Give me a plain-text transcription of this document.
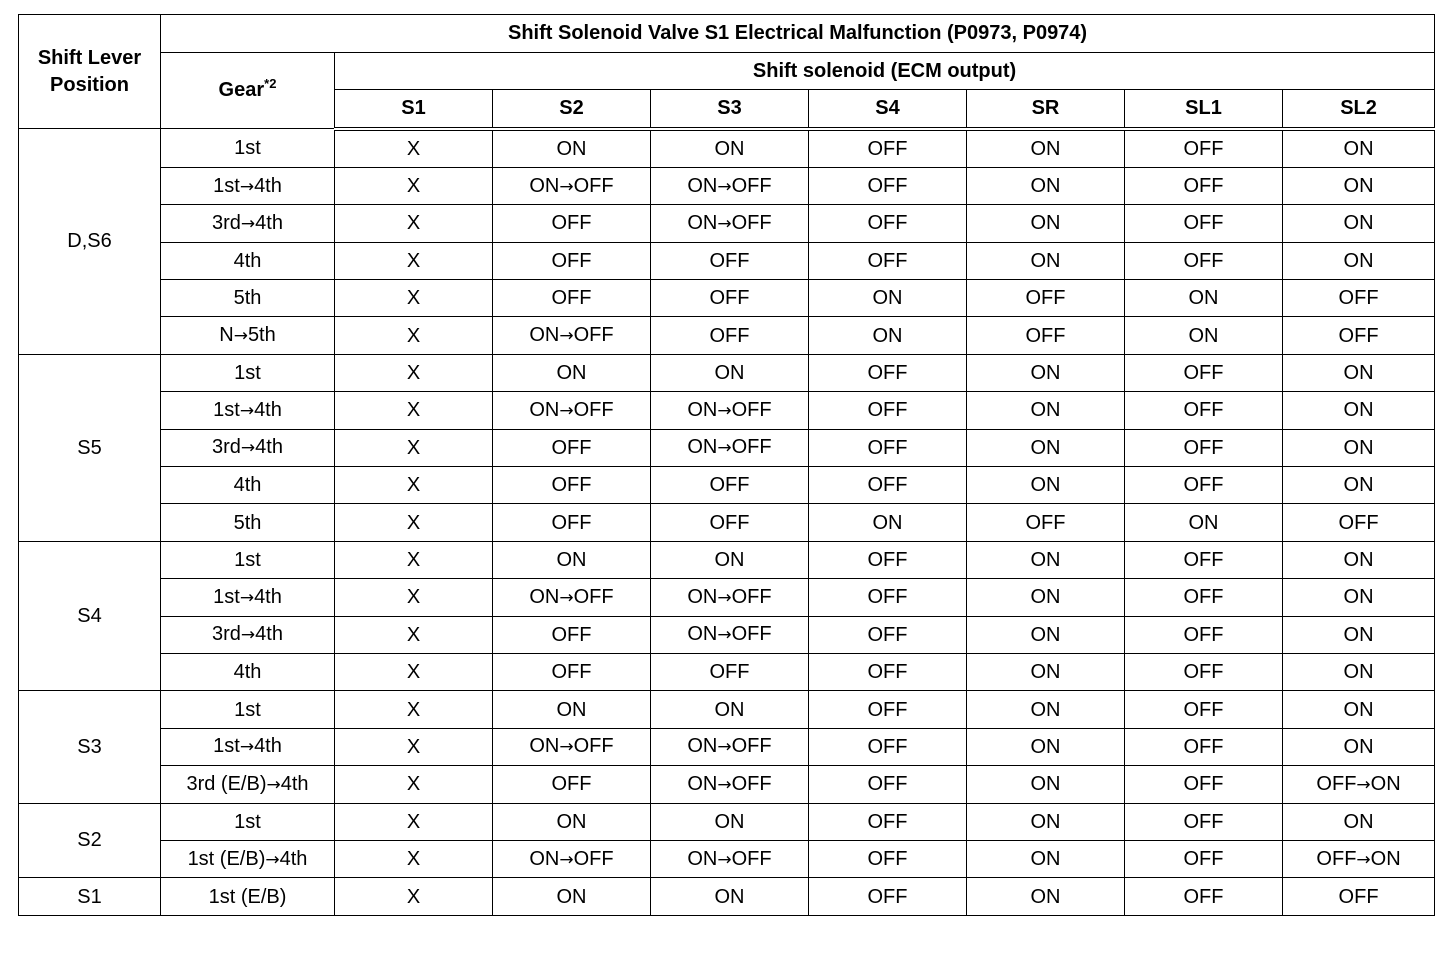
Shift Lever
Position	Shift Solenoid Valve S1 Electrical Malfunction (P0973, P0974)							
	Gear$^{*2}$	Shift solenoid (ECM output)						
		S1	S2	S3	S4	SR	SL1	SL2
D,S6	1st	X	ON	ON	OFF	ON	OFF	ON
	1st→4th	X	ON→OFF	ON→OFF	OFF	ON	OFF	ON
	3rd→4th	X	OFF	ON→OFF	OFF	ON	OFF	ON
	4th	X	OFF	OFF	OFF	ON	OFF	ON
	5th	X	OFF	OFF	ON	OFF	ON	OFF
	N→5th	X	ON→OFF	OFF	ON	OFF	ON	OFF
S5	1st	X	ON	ON	OFF	ON	OFF	ON
	1st→4th	X	ON→OFF	ON→OFF	OFF	ON	OFF	ON
	3rd→4th	X	OFF	ON→OFF	OFF	ON	OFF	ON
	4th	X	OFF	OFF	OFF	ON	OFF	ON
	5th	X	OFF	OFF	ON	OFF	ON	OFF
S4	1st	X	ON	ON	OFF	ON	OFF	ON
	1st→4th	X	ON→OFF	ON→OFF	OFF	ON	OFF	ON
	3rd→4th	X	OFF	ON→OFF	OFF	ON	OFF	ON
	4th	X	OFF	OFF	OFF	ON	OFF	ON
S3	1st	X	ON	ON	OFF	ON	OFF	ON
	1st→4th	X	ON→OFF	ON→OFF	OFF	ON	OFF	ON
	3rd (E/B)→4th	X	OFF	ON→OFF	OFF	ON	OFF	OFF→ON
S2	1st	X	ON	ON	OFF	ON	OFF	ON
	1st (E/B)→4th	X	ON→OFF	ON→OFF	OFF	ON	OFF	OFF→ON
S1	1st (E/B)	X	ON	ON	OFF	ON	OFF	OFF
